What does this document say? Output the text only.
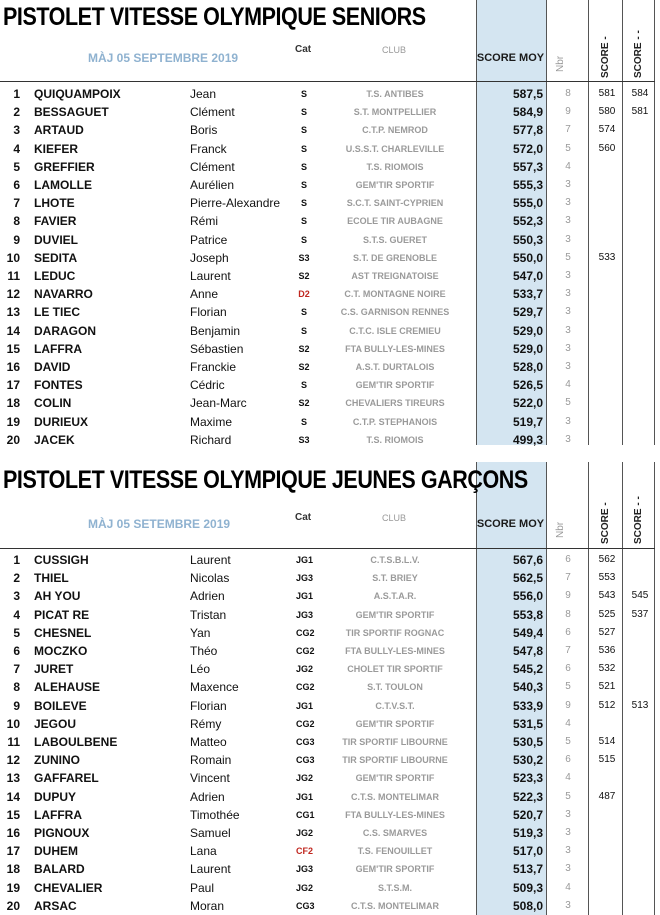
PISTOLET VITESSE OLYMPIQUE SENIORS
MÀJ 05 SEPTEMBRE 2019
Cat	CLUB
SCORE MOY Nbr	SCORE - SCORE - -
1 QUIQUAMPOIX	Jean	S	T.S. ANTIBES	587,5	8	581	584
2 BESSAGUET	Clément	S	S.T. MONTPELLIER	584,9	9	580	581
3 ARTAUD	Boris	S	C.T.P. NEMROD	577,8	7	574
4 KIEFER	Franck	S	U.S.S.T. CHARLEVILLE	572,0	5	560
5 GREFFIER	Clément	S	T.S. RIOMOIS	557,3	4
6 LAMOLLE	Aurélien	S	GEM'TIR SPORTIF	555,3	3
7 LHOTE	Pierre-Alexandre	S	S.C.T. SAINT-CYPRIEN	555,0	3
8 FAVIER	Rémi	S	ECOLE TIR AUBAGNE	552,3	3
9 DUVIEL	Patrice	S	S.T.S. GUERET	550,3	3
10 SEDITA	Joseph	S3	S.T. DE GRENOBLE	550,0	5	533
11 LEDUC	Laurent	S2	AST TREIGNATOISE	547,0	3
12 NAVARRO	Anne	D2	C.T. MONTAGNE NOIRE	533,7	3
13 LE TIEC	Florian	S	C.S. GARNISON RENNES	529,7	3
14 DARAGON	Benjamin	S	C.T.C. ISLE CREMIEU	529,0	3
15 LAFFRA	Sébastien	S2	FTA BULLY-LES-MINES	529,0	3
16 DAVID	Franckie	S2	A.S.T. DURTALOIS	528,0	3
17 FONTES	Cédric	S	GEM'TIR SPORTIF	526,5	4
18 COLIN	Jean-Marc	S2	CHEVALIERS TIREURS	522,0	5
19 DURIEUX	Maxime	S	C.T.P. STEPHANOIS	519,7	3
20 JACEK	Richard	S3	T.S. RIOMOIS	499,3	3
PISTOLET VITESSE OLYMPIQUE JEUNES GARÇONS
MÀJ 05 SETEMBRE 2019	Cat	CLUB	SCORE MOY Nbr	SCORE - SCORE - -
1 CUSSIGH	Laurent	JG1	C.T.S.B.L.V.	567,6	6	562
2 THIEL	Nicolas	JG3	S.T. BRIEY	562,5	7	553
3 AH YOU	Adrien	JG1	A.S.T.A.R.	556,0	9	543	545
4 PICAT RE	Tristan	JG3	GEM'TIR SPORTIF	553,8	8	525	537
5 CHESNEL	Yan	CG2	TIR SPORTIF ROGNAC	549,4	6	527
6 MOCZKO	Théo	CG2	FTA BULLY-LES-MINES	547,8	7	536
7 JURET	Léo	JG2	CHOLET TIR SPORTIF	545,2	6	532
8 ALEHAUSE	Maxence	CG2	S.T. TOULON	540,3	5	521
9 BOILEVE	Florian	JG1	C.T.V.S.T.	533,9	9	512	513
10 JEGOU	Rémy	CG2	GEM'TIR SPORTIF	531,5	4
11 LABOULBENE	Matteo	CG3	TIR SPORTIF LIBOURNE	530,5	5	514
12 ZUNINO	Romain	CG3	TIR SPORTIF LIBOURNE	530,2	6	515
13 GAFFAREL	Vincent	JG2	GEM'TIR SPORTIF	523,3	4
14 DUPUY	Adrien	JG1	C.T.S. MONTELIMAR	522,3	5	487
15 LAFFRA	Timothée	CG1	FTA BULLY-LES-MINES	520,7	3
16 PIGNOUX	Samuel	JG2	C.S. SMARVES	519,3	3
17 DUHEM	Lana	CF2	T.S. FENOUILLET	517,0	3
18 BALARD	Laurent	JG3	GEM'TIR SPORTIF	513,7	3
19 CHEVALIER	Paul	JG2	S.T.S.M.	509,3	4
20 ARSAC	Moran	CG3	C.T.S. MONTELIMAR	508,0	3
